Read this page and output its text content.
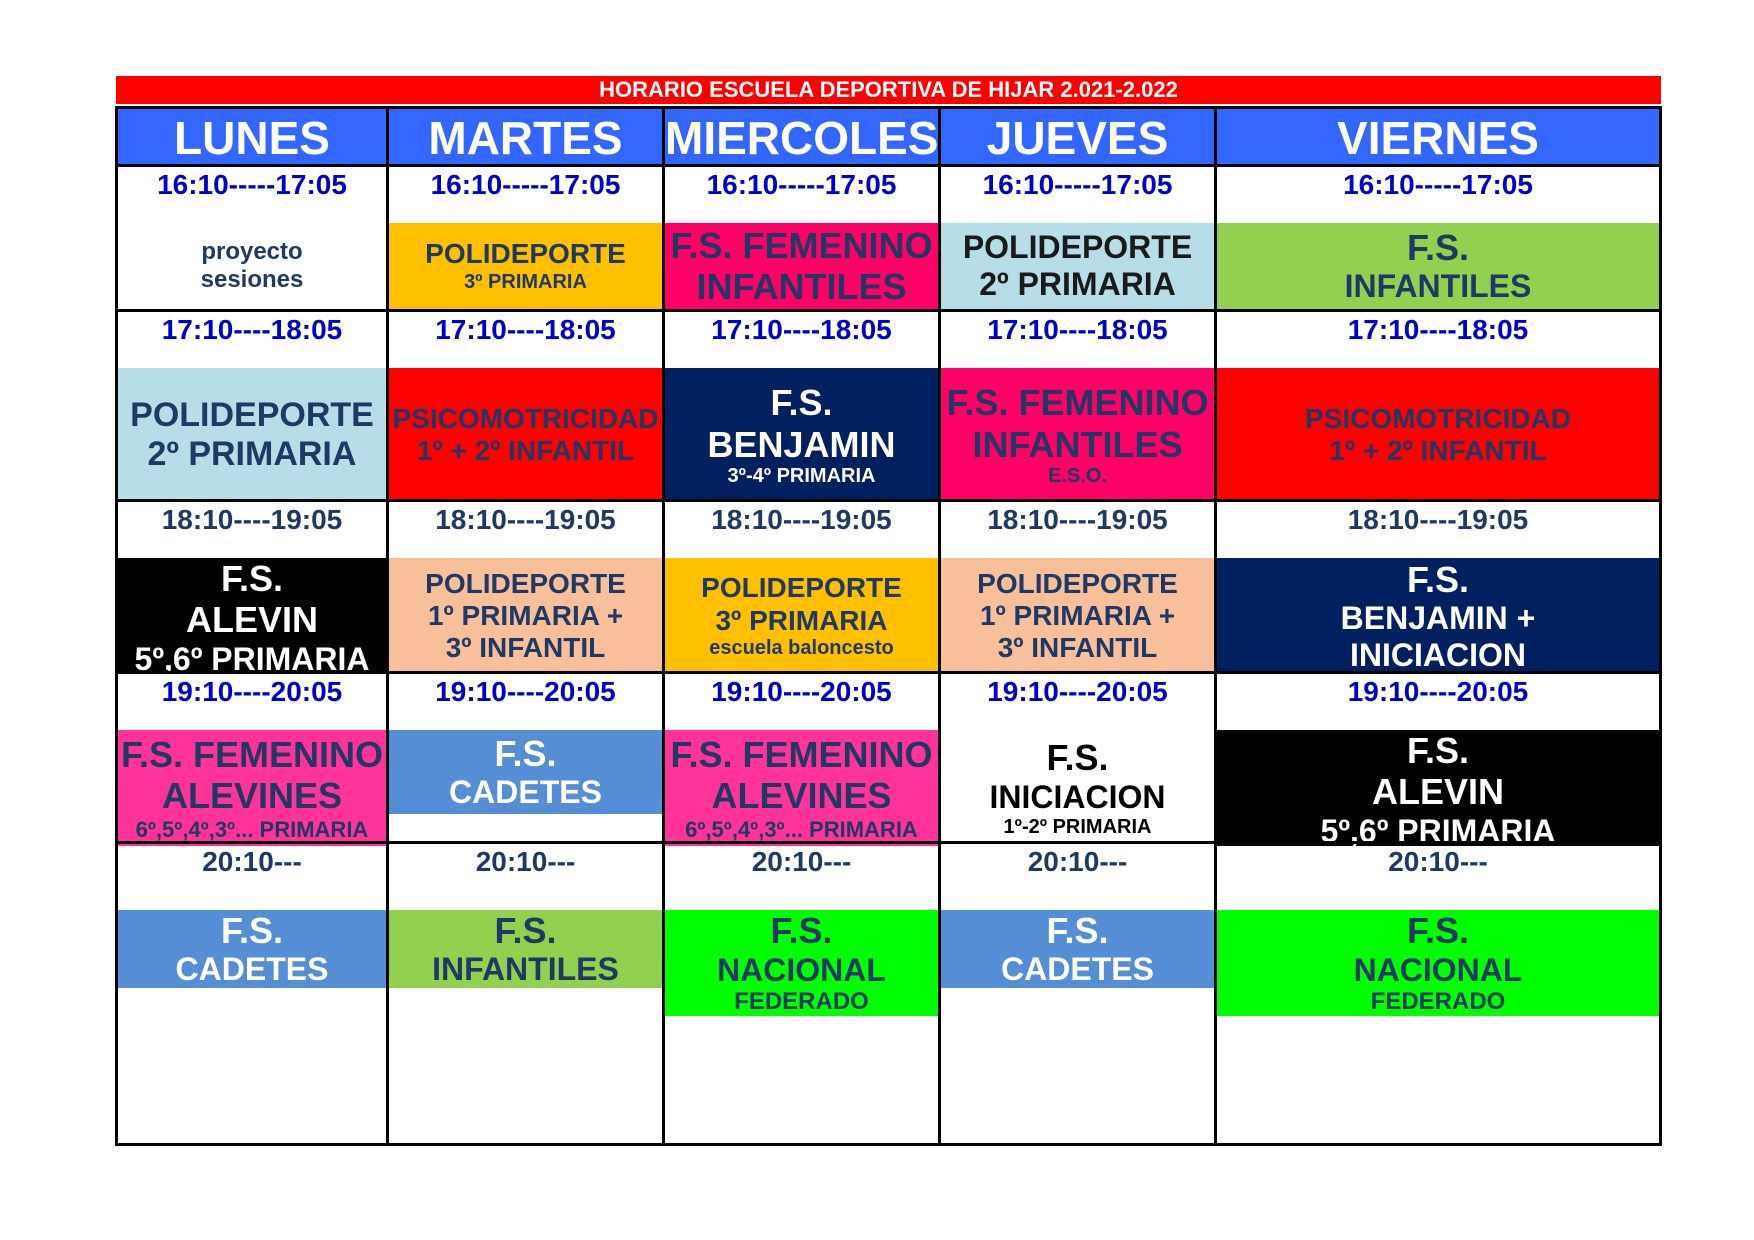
HORARIO ESCUELA DEPORTIVA DE HIJAR 2.021-2.022
LUNES
16:10-----17:05
proyecto
sesiones
17:10----18:05
POLIDEPORTE
2º PRIMARIA
18:10----19:05
F.S.
ALEVIN
5º,6º PRIMARIA
19:10----20:05
F.S. FEMENINO
ALEVINES
6º,5º,4º,3º... PRIMARIA
20:10---
F.S.
CADETES
MARTES
16:10-----17:05
POLIDEPORTE
3º PRIMARIA
17:10----18:05
PSICOMOTRICIDAD
1º + 2º INFANTIL
18:10----19:05
POLIDEPORTE
1º PRIMARIA +
3º INFANTIL
19:10----20:05
F.S.
CADETES
20:10---
F.S.
INFANTILES
MIERCOLES
16:10-----17:05
F.S. FEMENINO
INFANTILES
17:10----18:05
F.S.
BENJAMIN
3º-4º PRIMARIA
18:10----19:05
POLIDEPORTE
3º PRIMARIA
escuela baloncesto
19:10----20:05
F.S. FEMENINO
ALEVINES
6º,5º,4º,3º... PRIMARIA
20:10---
F.S.
NACIONAL
FEDERADO
JUEVES
16:10-----17:05
POLIDEPORTE
2º PRIMARIA
17:10----18:05
F.S. FEMENINO
INFANTILES
E.S.O.
18:10----19:05
POLIDEPORTE
1º PRIMARIA +
3º INFANTIL
19:10----20:05
F.S.
INICIACION
1º-2º PRIMARIA
20:10---
F.S.
CADETES
VIERNES
16:10-----17:05
F.S.
INFANTILES
17:10----18:05
PSICOMOTRICIDAD
1º + 2º INFANTIL
18:10----19:05
F.S.
BENJAMIN +
INICIACION
19:10----20:05
F.S.
ALEVIN
5º,6º PRIMARIA
20:10---
F.S.
NACIONAL
FEDERADO
